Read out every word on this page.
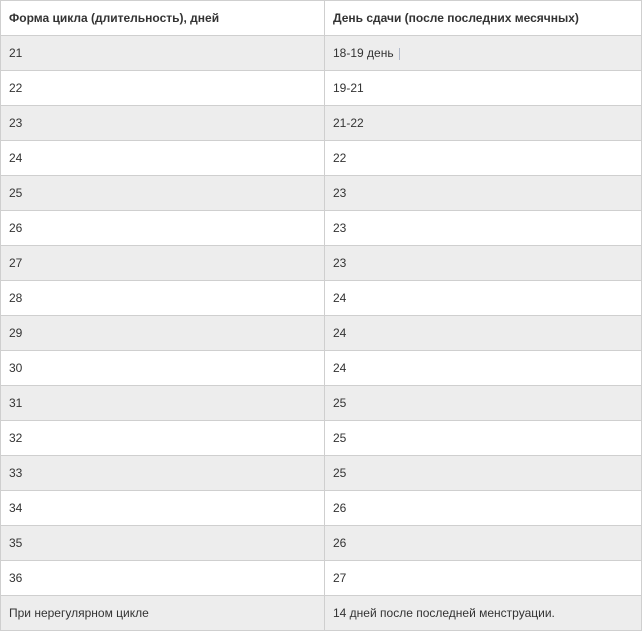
Форма цикла (длительность), дней	День сдачи (после последних месячных)
21	18-19 день
22	19-21
23	21-22
24	22
25	23
26	23
27	23
28	24
29	24
30	24
31	25
32	25
33	25
34	26
35	26
36	27
При нерегулярном цикле	14 дней после последней менструации.
